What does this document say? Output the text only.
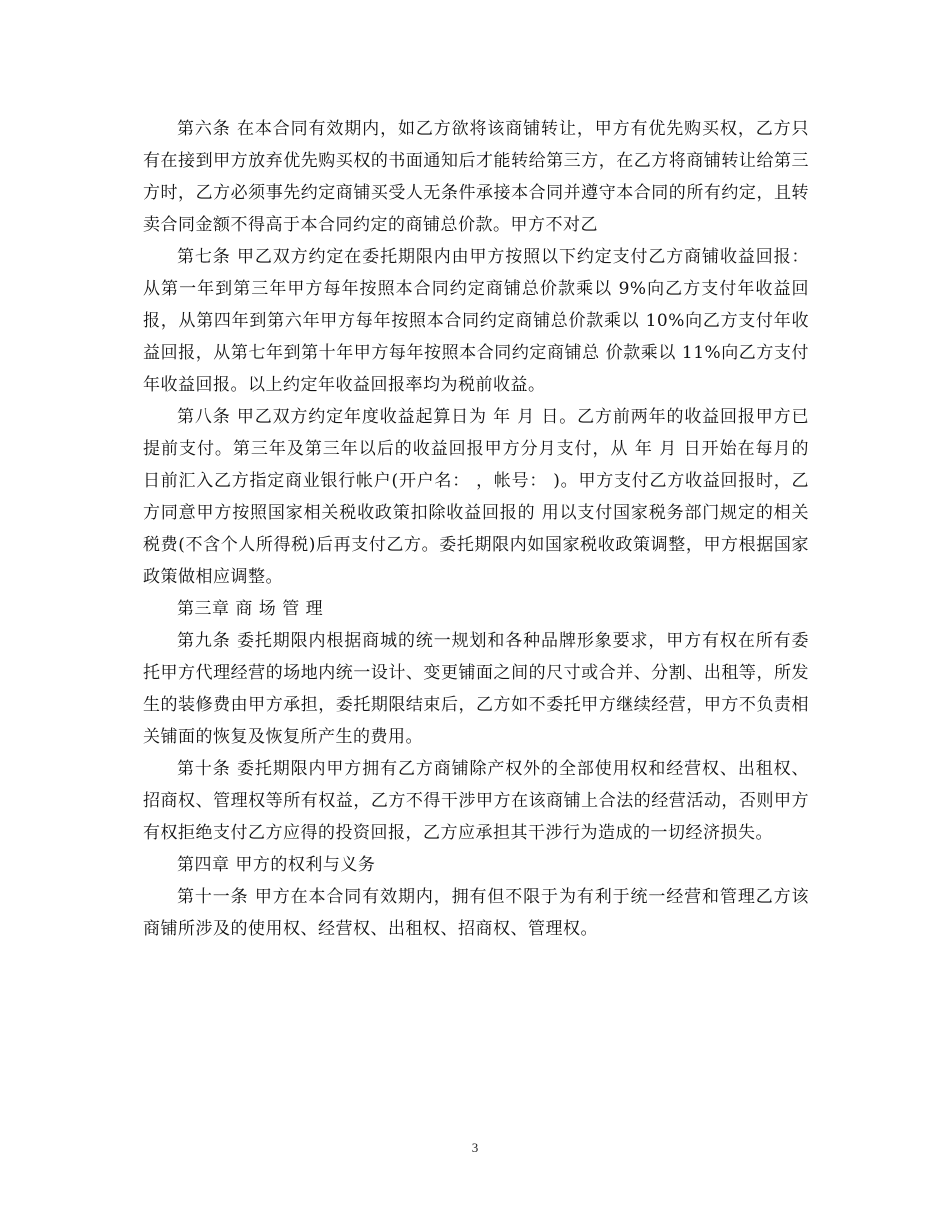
第六条 在本合同有效期内，如乙方欲将该商铺转让，甲方有优先购买权，乙方只有在接到甲方放弃优先购买权的书面通知后才能转给第三方，在乙方将商铺转让给第三方时，乙方必须事先约定商铺买受人无条件承接本合同并遵守本合同的所有约定，且转卖合同金额不得高于本合同约定的商铺总价款。甲方不对乙

第七条 甲乙双方约定在委托期限内由甲方按照以下约定支付乙方商铺收益回报：从第一年到第三年甲方每年按照本合同约定商铺总价款乘以 9%向乙方支付年收益回报，从第四年到第六年甲方每年按照本合同约定商铺总价款乘以 10%向乙方支付年收益回报，从第七年到第十年甲方每年按照本合同约定商铺总 价款乘以 11%向乙方支付年收益回报。以上约定年收益回报率均为税前收益。

第八条 甲乙双方约定年度收益起算日为 年 月 日。乙方前两年的收益回报甲方已提前支付。第三年及第三年以后的收益回报甲方分月支付，从 年 月 日开始在每月的 日前汇入乙方指定商业银行帐户(开户名： ，帐号： )。甲方支付乙方收益回报时，乙方同意甲方按照国家相关税收政策扣除收益回报的 用以支付国家税务部门规定的相关税费(不含个人所得税)后再支付乙方。委托期限内如国家税收政策调整，甲方根据国家政策做相应调整。

第三章 商 场 管 理

第九条 委托期限内根据商城的统一规划和各种品牌形象要求，甲方有权在所有委托甲方代理经营的场地内统一设计、变更铺面之间的尺寸或合并、分割、出租等，所发生的装修费由甲方承担，委托期限结束后，乙方如不委托甲方继续经营，甲方不负责相关铺面的恢复及恢复所产生的费用。

第十条 委托期限内甲方拥有乙方商铺除产权外的全部使用权和经营权、出租权、招商权、管理权等所有权益，乙方不得干涉甲方在该商铺上合法的经营活动，否则甲方有权拒绝支付乙方应得的投资回报，乙方应承担其干涉行为造成的一切经济损失。

第四章 甲方的权利与义务

第十一条 甲方在本合同有效期内，拥有但不限于为有利于统一经营和管理乙方该商铺所涉及的使用权、经营权、出租权、招商权、管理权。

3
